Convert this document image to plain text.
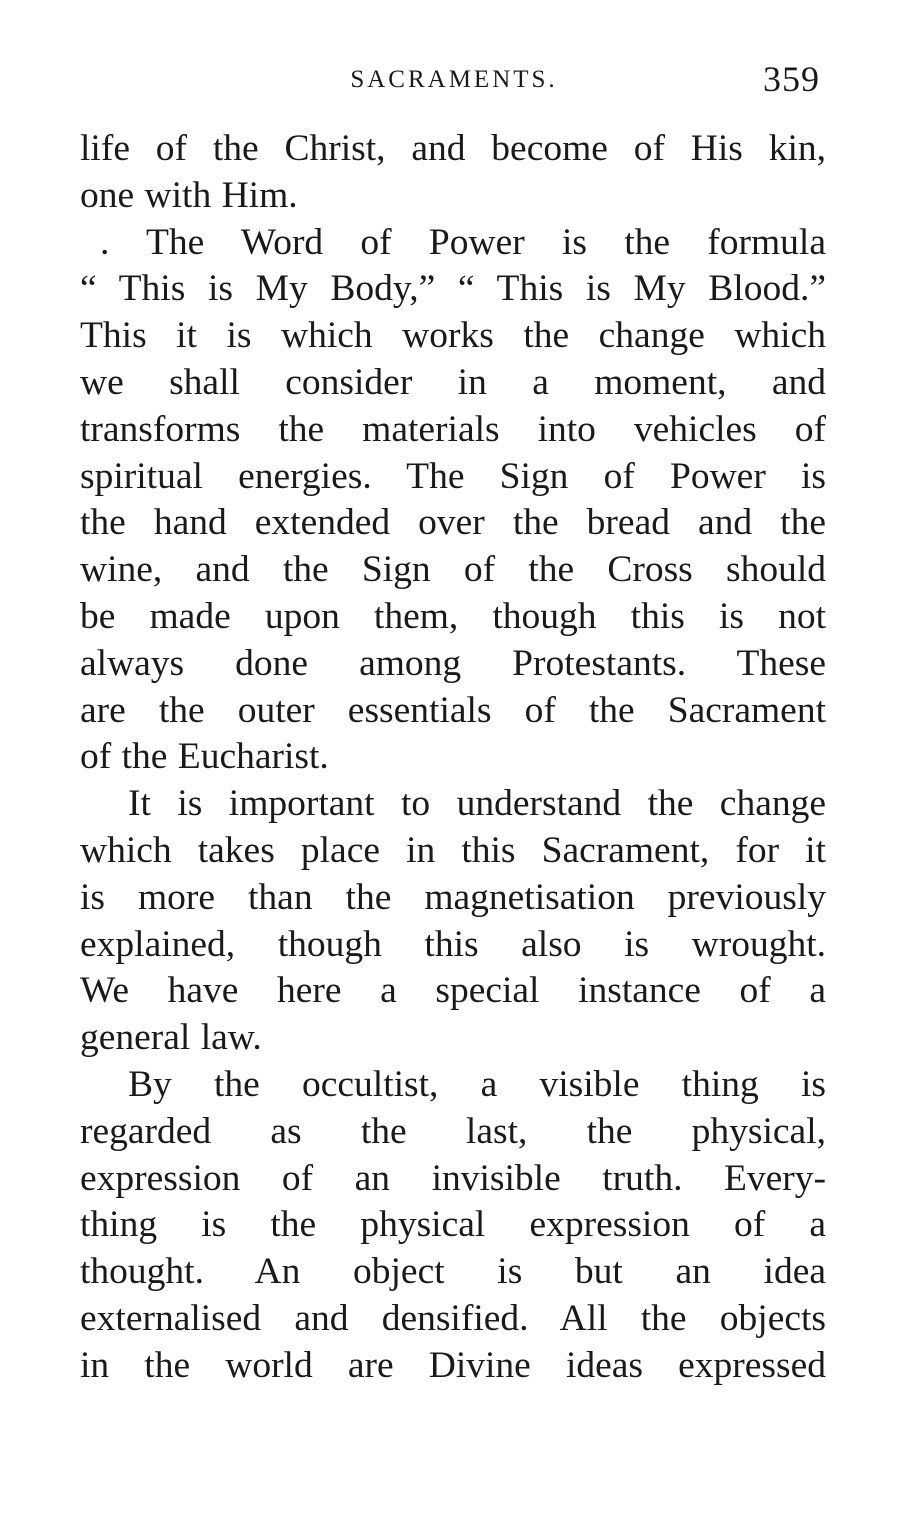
SACRAMENTS.	359

life of the Christ, and become of His kin,
one with Him.

. The Word of Power is the formula
“ This is My Body,” “ This is My Blood.”
This it is which works the change which
we shall consider in a moment, and
transforms the materials into vehicles of
spiritual energies. The Sign of Power is
the hand extended over the bread and the
wine, and the Sign of the Cross should
be made upon them, though this is not
always done among Protestants. These
are the outer essentials of the Sacrament
of the Eucharist.

It is important to understand the change
which takes place in this Sacrament, for it
is more than the magnetisation previously
explained, though this also is wrought.
We have here a special instance of a
general law.

By the occultist, a visible thing is
regarded as the last, the physical,
expression of an invisible truth. Every-
thing is the physical expression of a
thought. An object is but an idea
externalised and densified. All the objects
in the world are Divine ideas expressed
